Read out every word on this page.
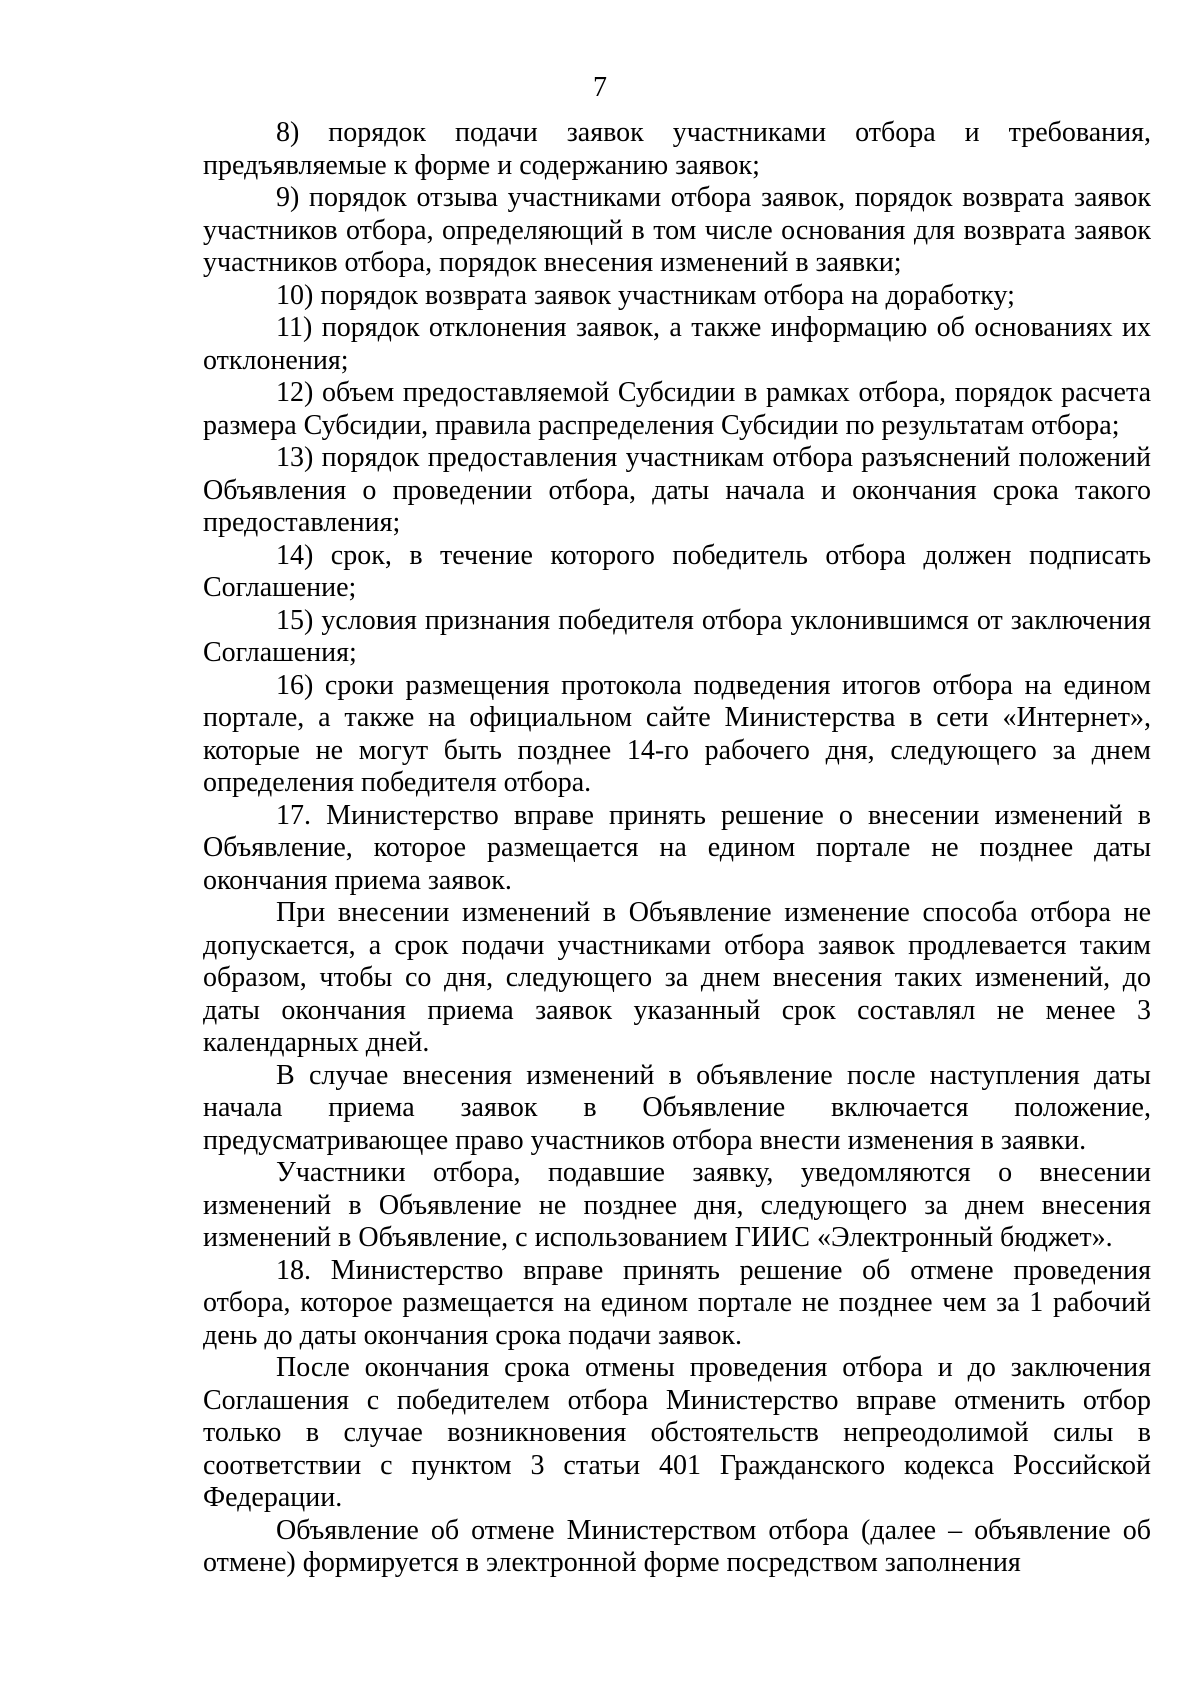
7

8) порядок подачи заявок участниками отбора и требования, предъявляемые к форме и содержанию заявок;

9) порядок отзыва участниками отбора заявок, порядок возврата заявок участников отбора, определяющий в том числе основания для возврата заявок участников отбора, порядок внесения изменений в заявки;

10) порядок возврата заявок участникам отбора на доработку;

11) порядок отклонения заявок, а также информацию об основаниях их отклонения;

12) объем предоставляемой Субсидии в рамках отбора, порядок расчета размера Субсидии, правила распределения Субсидии по результатам отбора;

13) порядок предоставления участникам отбора разъяснений положений Объявления о проведении отбора, даты начала и окончания срока такого предоставления;

14) срок, в течение которого победитель отбора должен подписать Соглашение;

15) условия признания победителя отбора уклонившимся от заключения Соглашения;

16) сроки размещения протокола подведения итогов отбора на едином портале, а также на официальном сайте Министерства в сети «Интернет», которые не могут быть позднее 14-го рабочего дня, следующего за днем определения победителя отбора.

17. Министерство вправе принять решение о внесении изменений в Объявление, которое размещается на едином портале не позднее даты окончания приема заявок.

При внесении изменений в Объявление изменение способа отбора не допускается, а срок подачи участниками отбора заявок продлевается таким образом, чтобы со дня, следующего за днем внесения таких изменений, до даты окончания приема заявок указанный срок составлял не менее 3 календарных дней.

В случае внесения изменений в объявление после наступления даты начала приема заявок в Объявление включается положение, предусматривающее право участников отбора внести изменения в заявки.

Участники отбора, подавшие заявку, уведомляются о внесении изменений в Объявление не позднее дня, следующего за днем внесения изменений в Объявление, с использованием ГИИС «Электронный бюджет».

18. Министерство вправе принять решение об отмене проведения отбора, которое размещается на едином портале не позднее чем за 1 рабочий день до даты окончания срока подачи заявок.

После окончания срока отмены проведения отбора и до заключения Соглашения с победителем отбора Министерство вправе отменить отбор только в случае возникновения обстоятельств непреодолимой силы в соответствии с пунктом 3 статьи 401 Гражданского кодекса Российской Федерации.

Объявление об отмене Министерством отбора (далее – объявление об отмене) формируется в электронной форме посредством заполнения
